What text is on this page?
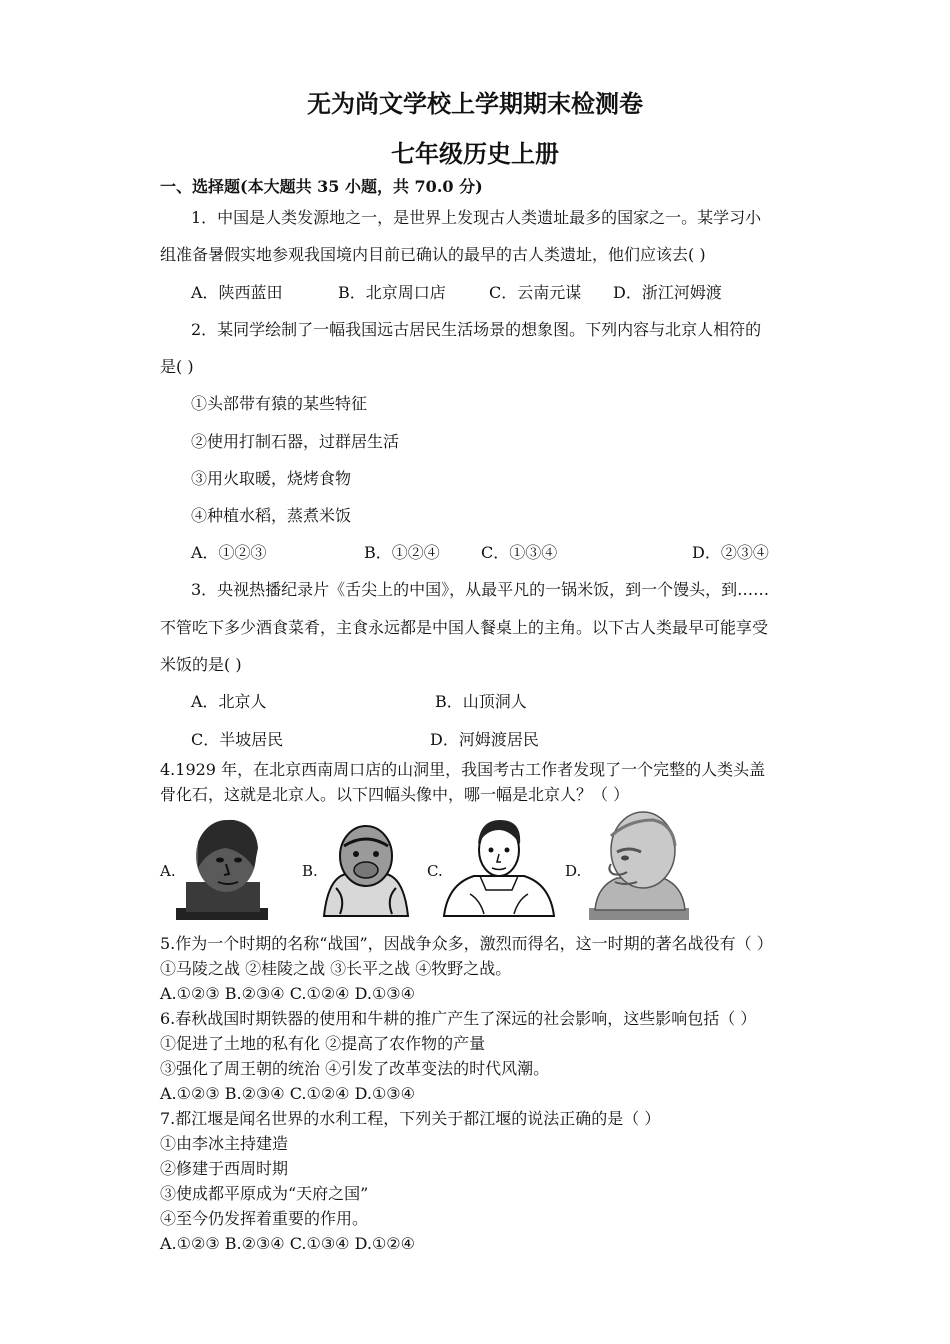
无为尚文学校上学期期末检测卷
七年级历史上册
一、选择题(本大题共 35 小题，共 70.0 分)
1．中国是人类发源地之一，是世界上发现古人类遗址最多的国家之一。某学习小
组准备暑假实地参观我国境内目前已确认的最早的古人类遗址，他们应该去( )
A．陕西蓝田	B．北京周口店	C．云南元谋 D．浙江河姆渡
2．某同学绘制了一幅我国远古居民生活场景的想象图。下列内容与北京人相符的
是( )
①头部带有猿的某些特征
②使用打制石器，过群居生活
③用火取暖，烧烤食物
④种植水稻，蒸煮米饭
A．①②③	B．①②④	C．①③④	D．②③④
3．央视热播纪录片《舌尖上的中国》，从最平凡的一锅米饭，到一个馒头，到……
不管吃下多少酒食菜肴，主食永远都是中国人餐桌上的主角。以下古人类最早可能享受
米饭的是( )
A．北京人	B．山顶洞人
C．半坡居民	D．河姆渡居民
4.1929 年，在北京西南周口店的山洞里，我国考古工作者发现了一个完整的人类头盖
骨化石，这就是北京人。以下四幅头像中，哪一幅是北京人？（ ）
A.	B.	C.	D.
5.作为一个时期的名称“战国”，因战争众多，激烈而得名，这一时期的著名战役有（ ）
①马陵之战 ②桂陵之战 ③长平之战 ④牧野之战。
A.①②③ B.②③④ C.①②④ D.①③④
6.春秋战国时期铁器的使用和牛耕的推广产生了深远的社会影响，这些影响包括（ ）
①促进了土地的私有化 ②提高了农作物的产量
③强化了周王朝的统治 ④引发了改革变法的时代风潮。
A.①②③ B.②③④ C.①②④ D.①③④
7.都江堰是闻名世界的水利工程，下列关于都江堰的说法正确的是（ ）
①由李冰主持建造
②修建于西周时期
③使成都平原成为“天府之国”
④至今仍发挥着重要的作用。
A.①②③ B.②③④ C.①③④ D.①②④
